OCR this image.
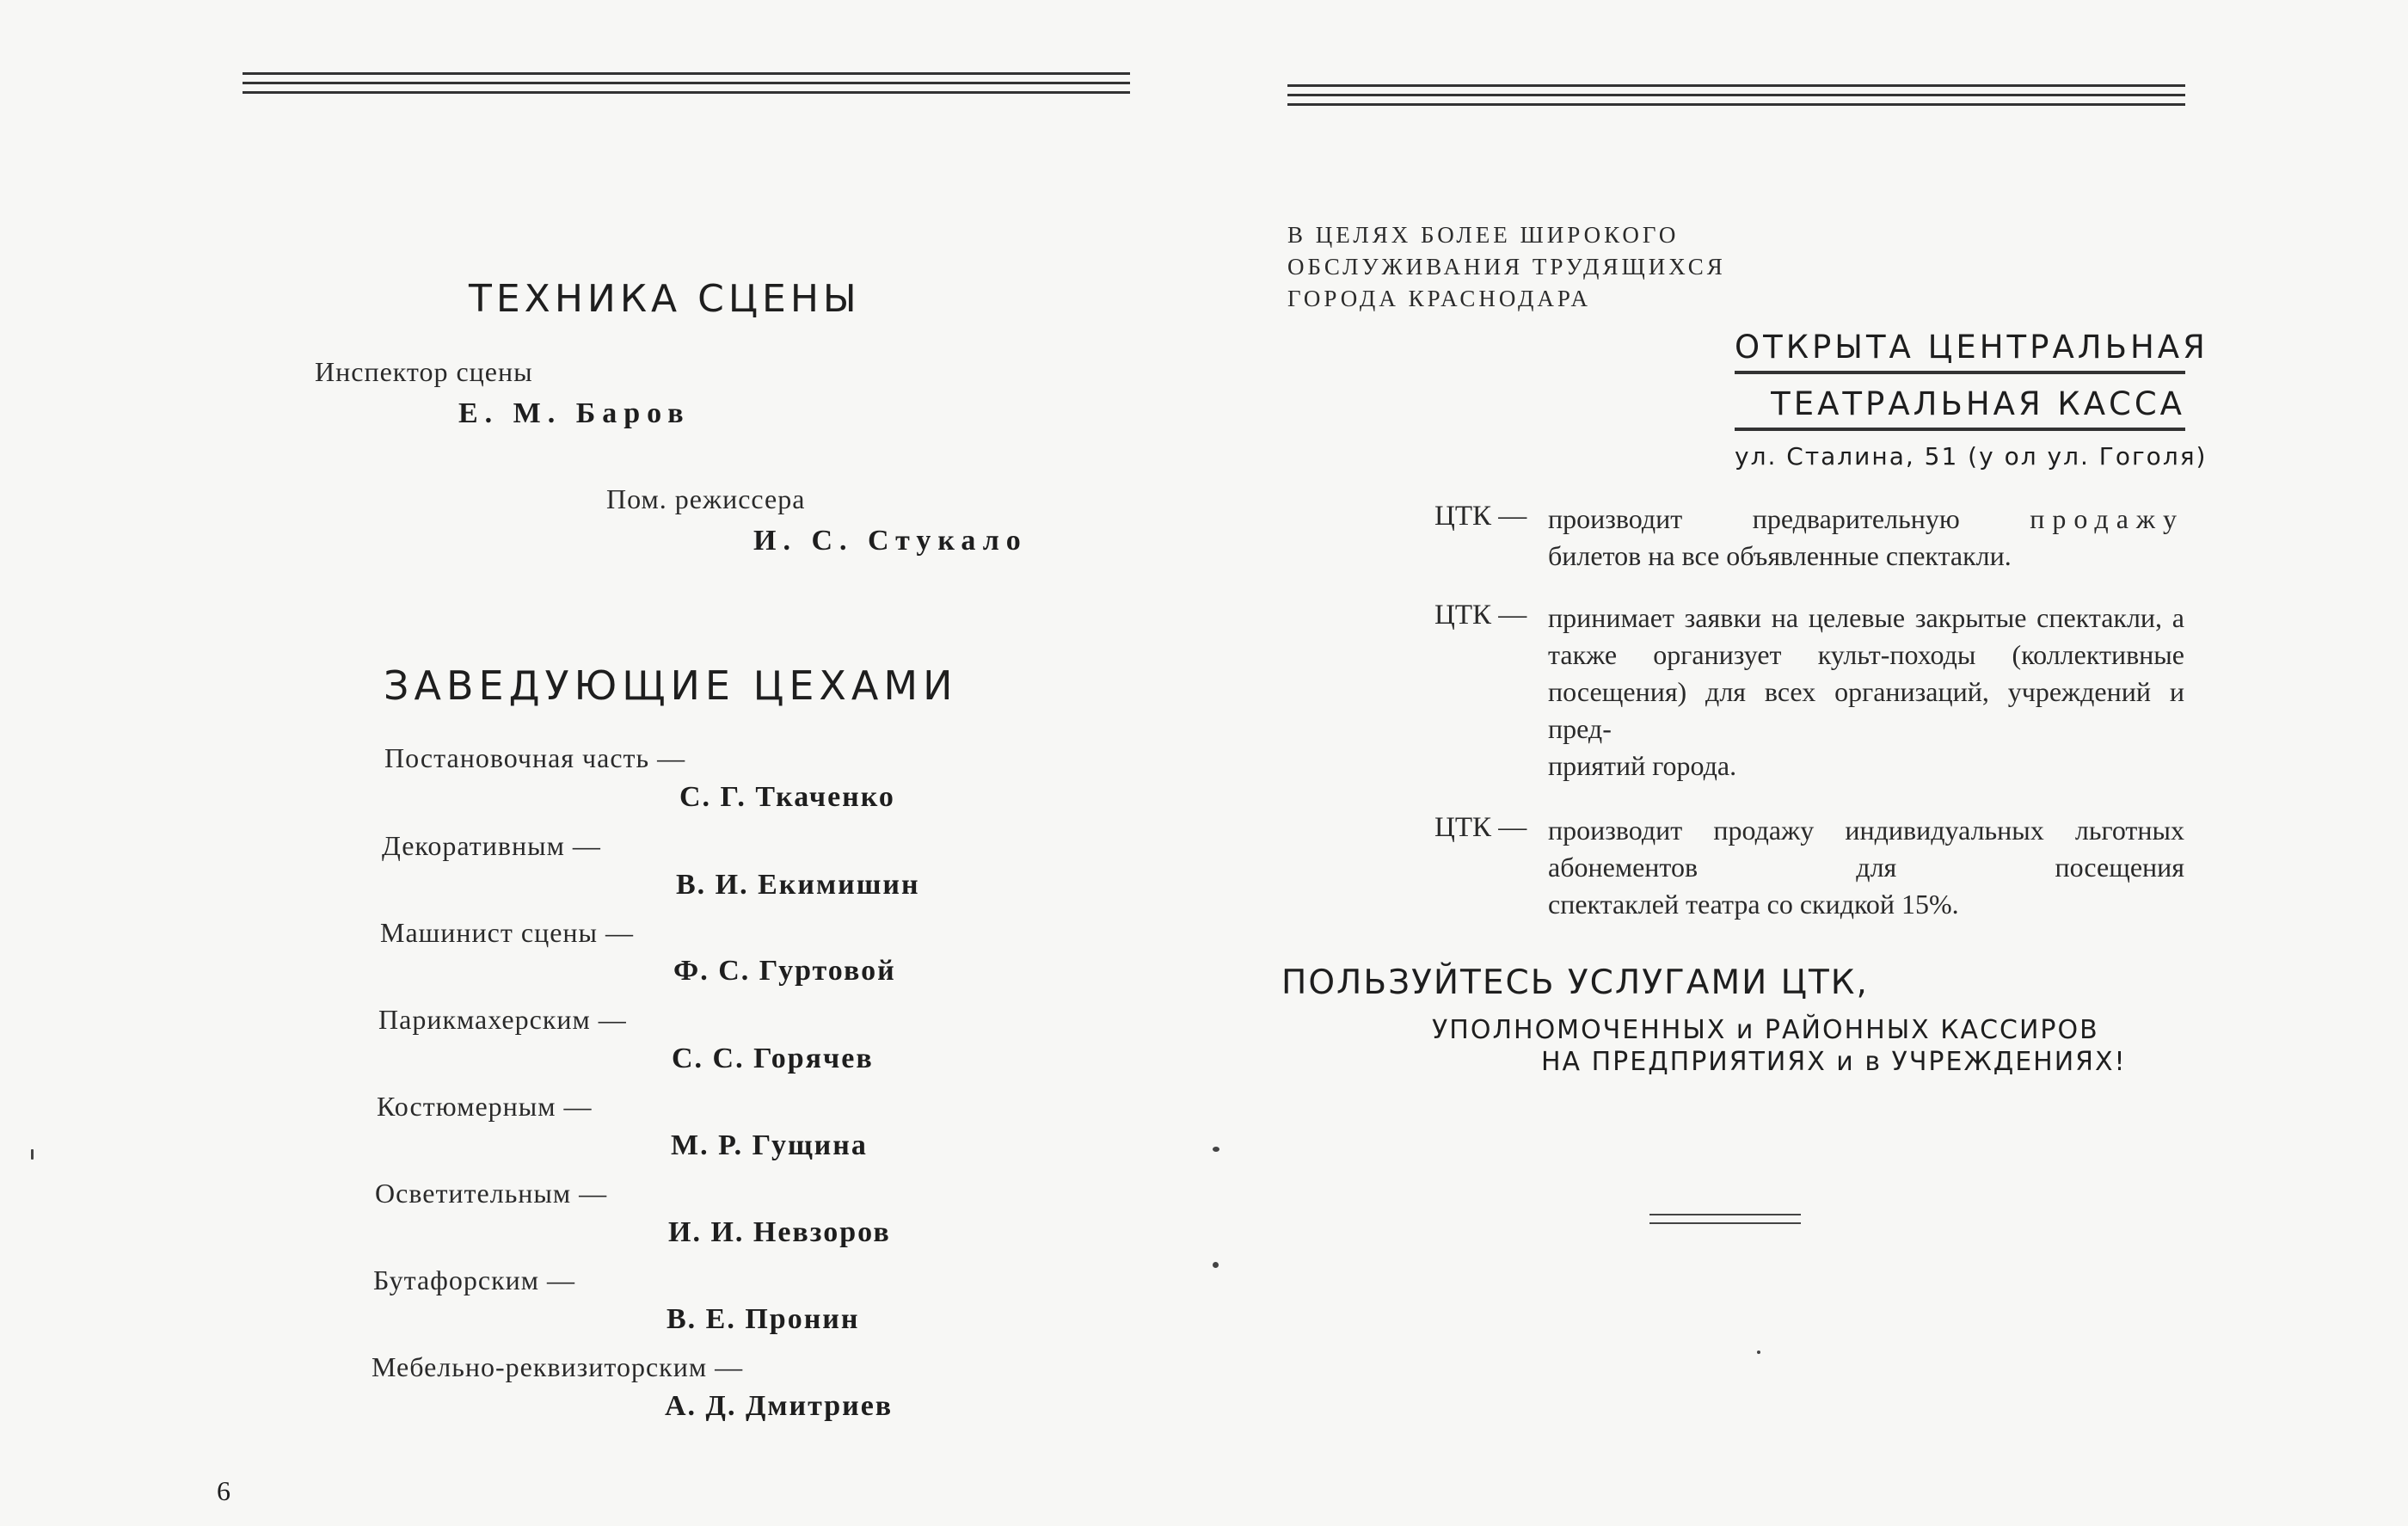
ТЕХНИКА СЦЕНЫ
Инспектор сцены
Е. М. Баров
Пом. режиссера
И. С. Стукало
ЗАВЕДУЮЩИЕ ЦЕХАМИ
Постановочная часть —
С. Г. Ткаченко
Декоративным —
В. И. Екимишин
Машинист сцены —
Ф. С. Гуртовой
Парикмахерским —
С. С. Горячев
Костюмерным —
М. Р. Гущина
Осветительным —
И. И. Невзоров
Бутафорским —
В. Е. Пронин
Мебельно-реквизиторским —
А. Д. Дмитриев
6
В ЦЕЛЯХ БОЛЕЕ ШИРОКОГО
ОБСЛУЖИВАНИЯ ТРУДЯЩИХСЯ
ГОРОДА КРАСНОДАРА
ОТКРЫТА ЦЕНТРАЛЬНАЯ
ТЕАТРАЛЬНАЯ КАССА
ул. Сталина, 51 (у ол ул. Гоголя)
ЦТК — производит предварительную	продажу
билетов на все объявленные спектакли.
ЦТК — принимает заявки на целевые закрытые спектакли, а также организует культ-походы (коллективные посещения) для всех организаций, учреждений и пред-
приятий города.
ЦТК — производит продажу индивидуальных льготных абонементов для посещения
спектаклей театра со скидкой 15%.
ПОЛЬЗУЙТЕСЬ УСЛУГАМИ ЦТК,
УПОЛНОМОЧЕННЫХ и РАЙОННЫХ КАССИРОВ
НА ПРЕДПРИЯТИЯХ и в УЧРЕЖДЕНИЯХ!
